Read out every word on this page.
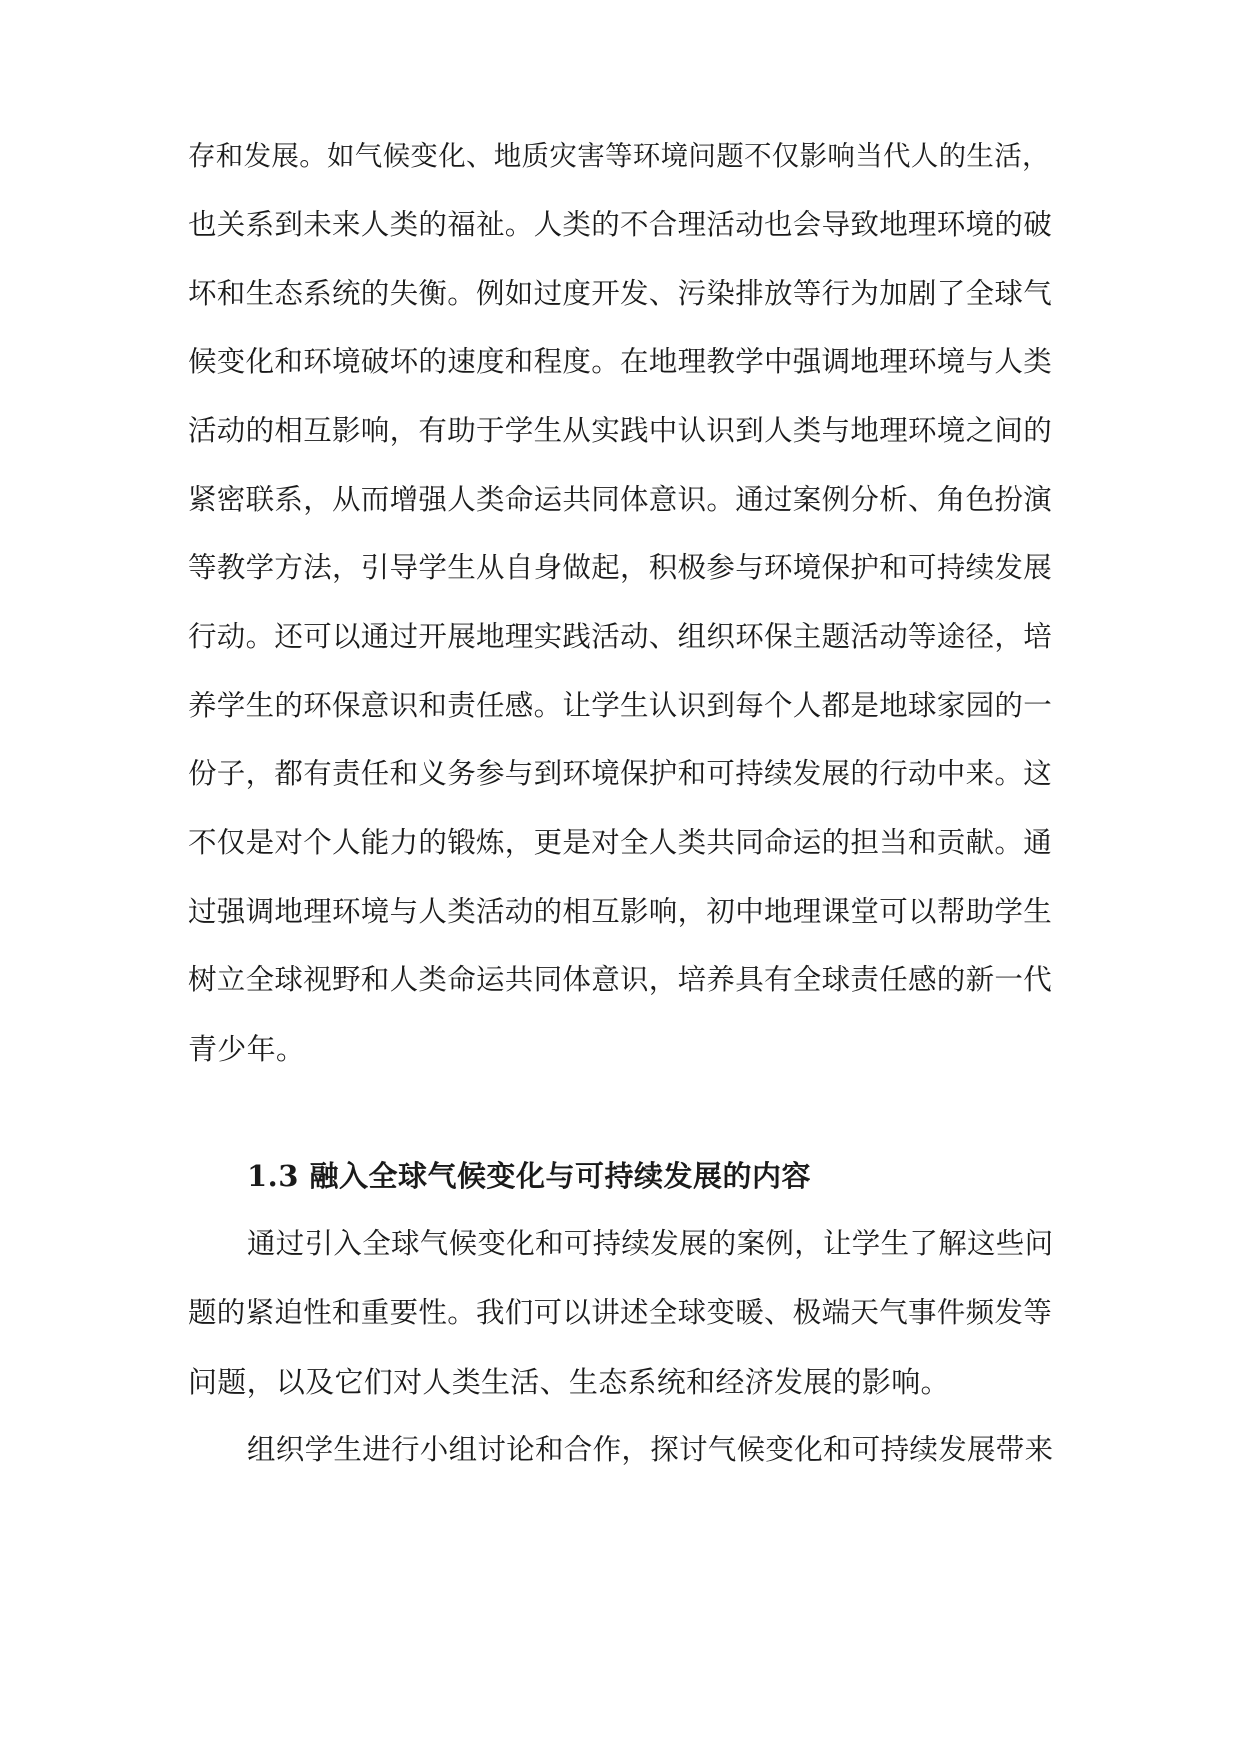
存和发展。如气候变化、地质灾害等环境问题不仅影响当代人的生活，
也关系到未来人类的福祉。人类的不合理活动也会导致地理环境的破
坏和生态系统的失衡。例如过度开发、污染排放等行为加剧了全球气
候变化和环境破坏的速度和程度。在地理教学中强调地理环境与人类
活动的相互影响，有助于学生从实践中认识到人类与地理环境之间的
紧密联系，从而增强人类命运共同体意识。通过案例分析、角色扮演
等教学方法，引导学生从自身做起，积极参与环境保护和可持续发展
行动。还可以通过开展地理实践活动、组织环保主题活动等途径，培
养学生的环保意识和责任感。让学生认识到每个人都是地球家园的一
份子，都有责任和义务参与到环境保护和可持续发展的行动中来。这
不仅是对个人能力的锻炼，更是对全人类共同命运的担当和贡献。通
过强调地理环境与人类活动的相互影响，初中地理课堂可以帮助学生
树立全球视野和人类命运共同体意识，培养具有全球责任感的新一代
青少年。
1.3 融入全球气候变化与可持续发展的内容
通过引入全球气候变化和可持续发展的案例，让学生了解这些问
题的紧迫性和重要性。我们可以讲述全球变暖、极端天气事件频发等
问题，以及它们对人类生活、生态系统和经济发展的影响。
组织学生进行小组讨论和合作，探讨气候变化和可持续发展带来
